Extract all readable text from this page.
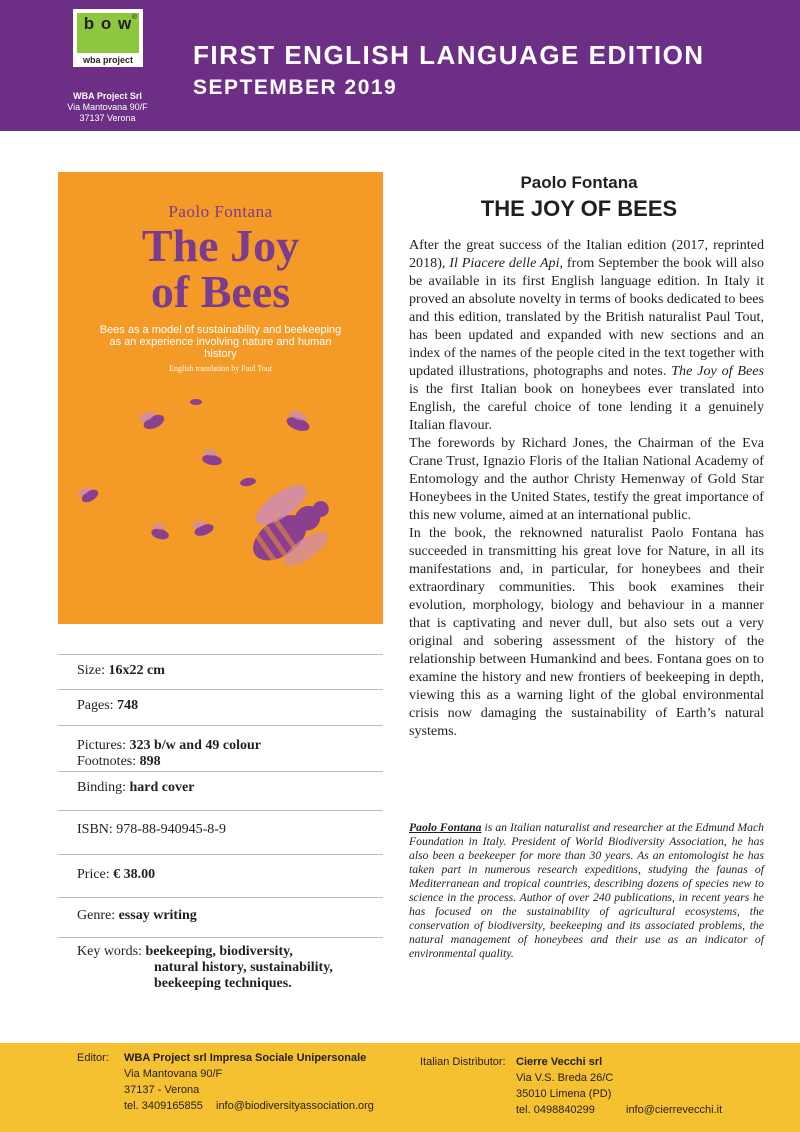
b o w ®
wba project
WBA Project Srl
Via Mantovana 90/F
37137 Verona
FIRST ENGLISH LANGUAGE EDITION
SEPTEMBER 2019
Paolo Fontana
The Joy
of Bees
Bees as a model of sustainability and beekeeping as an experience involving nature and human history
English translation by Paul Tout
Size: 16x22 cm
Pages: 748
Pictures: 323 b/w and 49 colour
Footnotes: 898
Binding: hard cover
ISBN: 978-88-940945-8-9
Price: € 38.00
Genre: essay writing
Key words: beekeeping, biodiversity,
natural history, sustainability,
beekeeping techniques.
Paolo Fontana
THE JOY OF BEES

After the great success of the Italian edition (2017, reprinted 2018), Il Piacere delle Api, from September the book will also be available in its first English language edition. In Italy it proved an absolute novelty in terms of books dedicated to bees and this edition, translated by the British naturalist Paul Tout, has been updated and expanded with new sections and an index of the names of the people cited in the text together with updated illustrations, photographs and notes. The Joy of Bees is the first Italian book on honeybees ever translated into English, the careful choice of tone lending it a genuinely Italian flavour.

The forewords by Richard Jones, the Chairman of the Eva Crane Trust, Ignazio Floris of the Italian National Academy of Entomology and the author Christy Hemenway of Gold Star Honeybees in the United States, testify the great importance of this new volume, aimed at an international public.

In the book, the reknowned naturalist Paolo Fontana has succeeded in transmitting his great love for Nature, in all its manifestations and, in particular, for honeybees and their extraordinary communities. This book examines their evolution, morphology, biology and behaviour in a manner that is captivating and never dull, but also sets out a very original and sobering assessment of the history of the relationship between Humankind and bees. Fontana goes on to examine the history and new frontiers of beekeeping in depth, viewing this as a warning light of the global environmental crisis now damaging the sustainability of Earth’s natural systems.

Paolo Fontana is an Italian naturalist and researcher at the Edmund Mach Foundation in Italy. President of World Biodiversity Association, he has also been a beekeeper for more than 30 years. As an entomologist he has taken part in numerous research expeditions, studying the faunas of Mediterranean and tropical countries, describing dozens of species new to science in the process. Author of over 240 publications, in recent years he has focused on the sustainability of agricultural ecosystems, the conservation of biodiversity, beekeeping and its associated problems, the natural management of honeybees and their use as an indicator of environmental quality.
Editor: WBA Project srl Impresa Sociale Unipersonale
Via Mantovana 90/F
37137 - Verona
tel. 3409165855 info@biodiversityassociation.org
Italian Distributor: Cierre Vecchi srl
Via V.S. Breda 26/C
35010 Limena (PD)
tel. 0498840299	info@cierrevecchi.it
